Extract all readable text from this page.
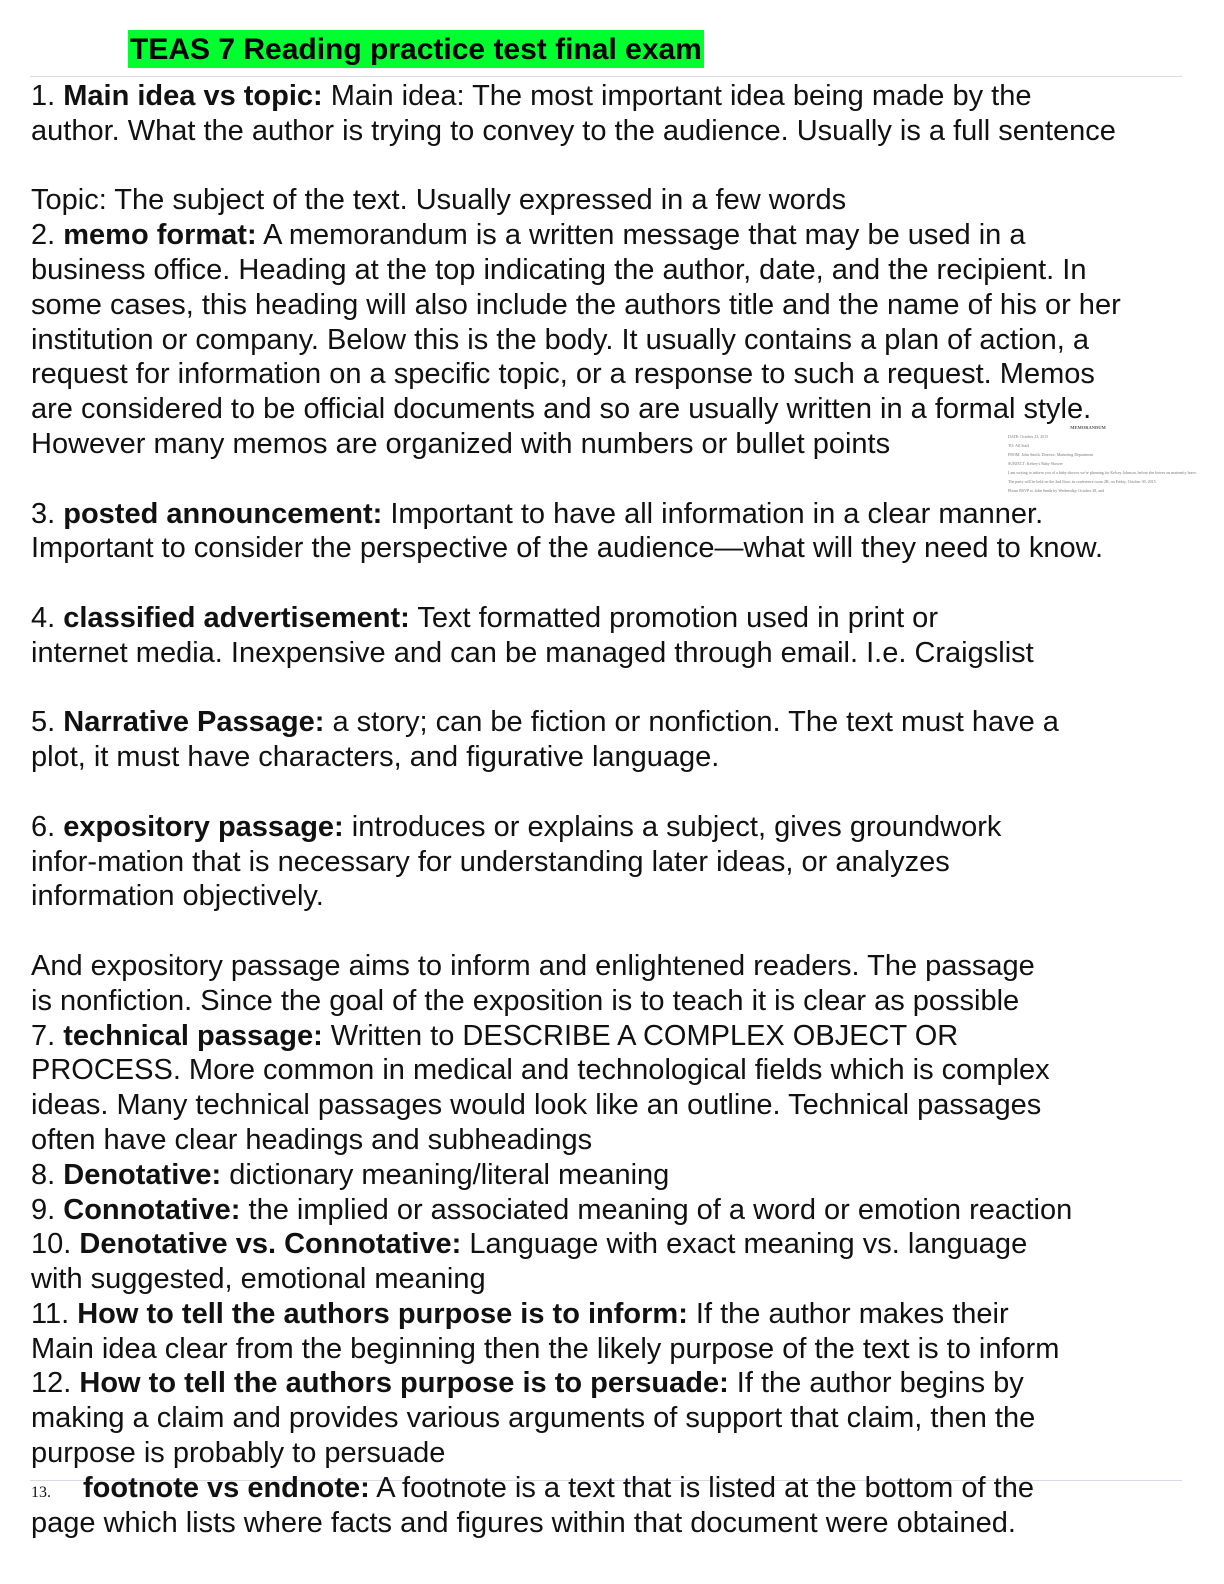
TEAS 7 Reading practice test final exam
1. Main idea vs topic: Main idea: The most important idea being made by the
author. What the author is trying to convey to the audience. Usually is a full sentence
Topic: The subject of the text. Usually expressed in a few words
2. memo format: A memorandum is a written message that may be used in a
business office. Heading at the top indicating the author, date, and the recipient. In
some cases, this heading will also include the authors title and the name of his or her
institution or company. Below this is the body. It usually contains a plan of action, a
request for information on a specific topic, or a response to such a request. Memos
are considered to be official documents and so are usually written in a formal style.
However many memos are organized with numbers or bullet points
3. posted announcement: Important to have all information in a clear manner.
Important to consider the perspective of the audience—what will they need to know.
4. classified advertisement: Text formatted promotion used in print or
internet media. Inexpensive and can be managed through email. I.e. Craigslist
5. Narrative Passage: a story; can be fiction or nonfiction. The text must have a
plot, it must have characters, and figurative language.
6. expository passage: introduces or explains a subject, gives groundwork
infor-mation that is necessary for understanding later ideas, or analyzes
information objectively.
And expository passage aims to inform and enlightened readers. The passage
is nonfiction. Since the goal of the exposition is to teach it is clear as possible
7. technical passage: Written to DESCRIBE A COMPLEX OBJECT OR
PROCESS. More common in medical and technological fields which is complex
ideas. Many technical passages would look like an outline. Technical passages
often have clear headings and subheadings
8. Denotative: dictionary meaning/literal meaning
9. Connotative: the implied or associated meaning of a word or emotion reaction
10. Denotative vs. Connotative: Language with exact meaning vs. language
with suggested, emotional meaning
11. How to tell the authors purpose is to inform: If the author makes their
Main idea clear from the beginning then the likely purpose of the text is to inform
12. How to tell the authors purpose is to persuade: If the author begins by
making a claim and provides various arguments of support that claim, then the
purpose is probably to persuade
13. footnote vs endnote: A footnote is a text that is listed at the bottom of the
page which lists where facts and figures within that document were obtained.
MEMORANDUM
DATE: October 23, 2015
TO: All Staff
FROM: John Smith, Director, Marketing Department
SUBJECT: Kelsey's Baby Shower
I am writing to inform you of a baby shower we're planning for Kelsey Johnson, before she leaves on maternity leave.
The party will be held on the 2nd floor, in conference room 2B, on Friday, October 30, 2015.
Please RSVP to John Smith by Wednesday, October 28, and
